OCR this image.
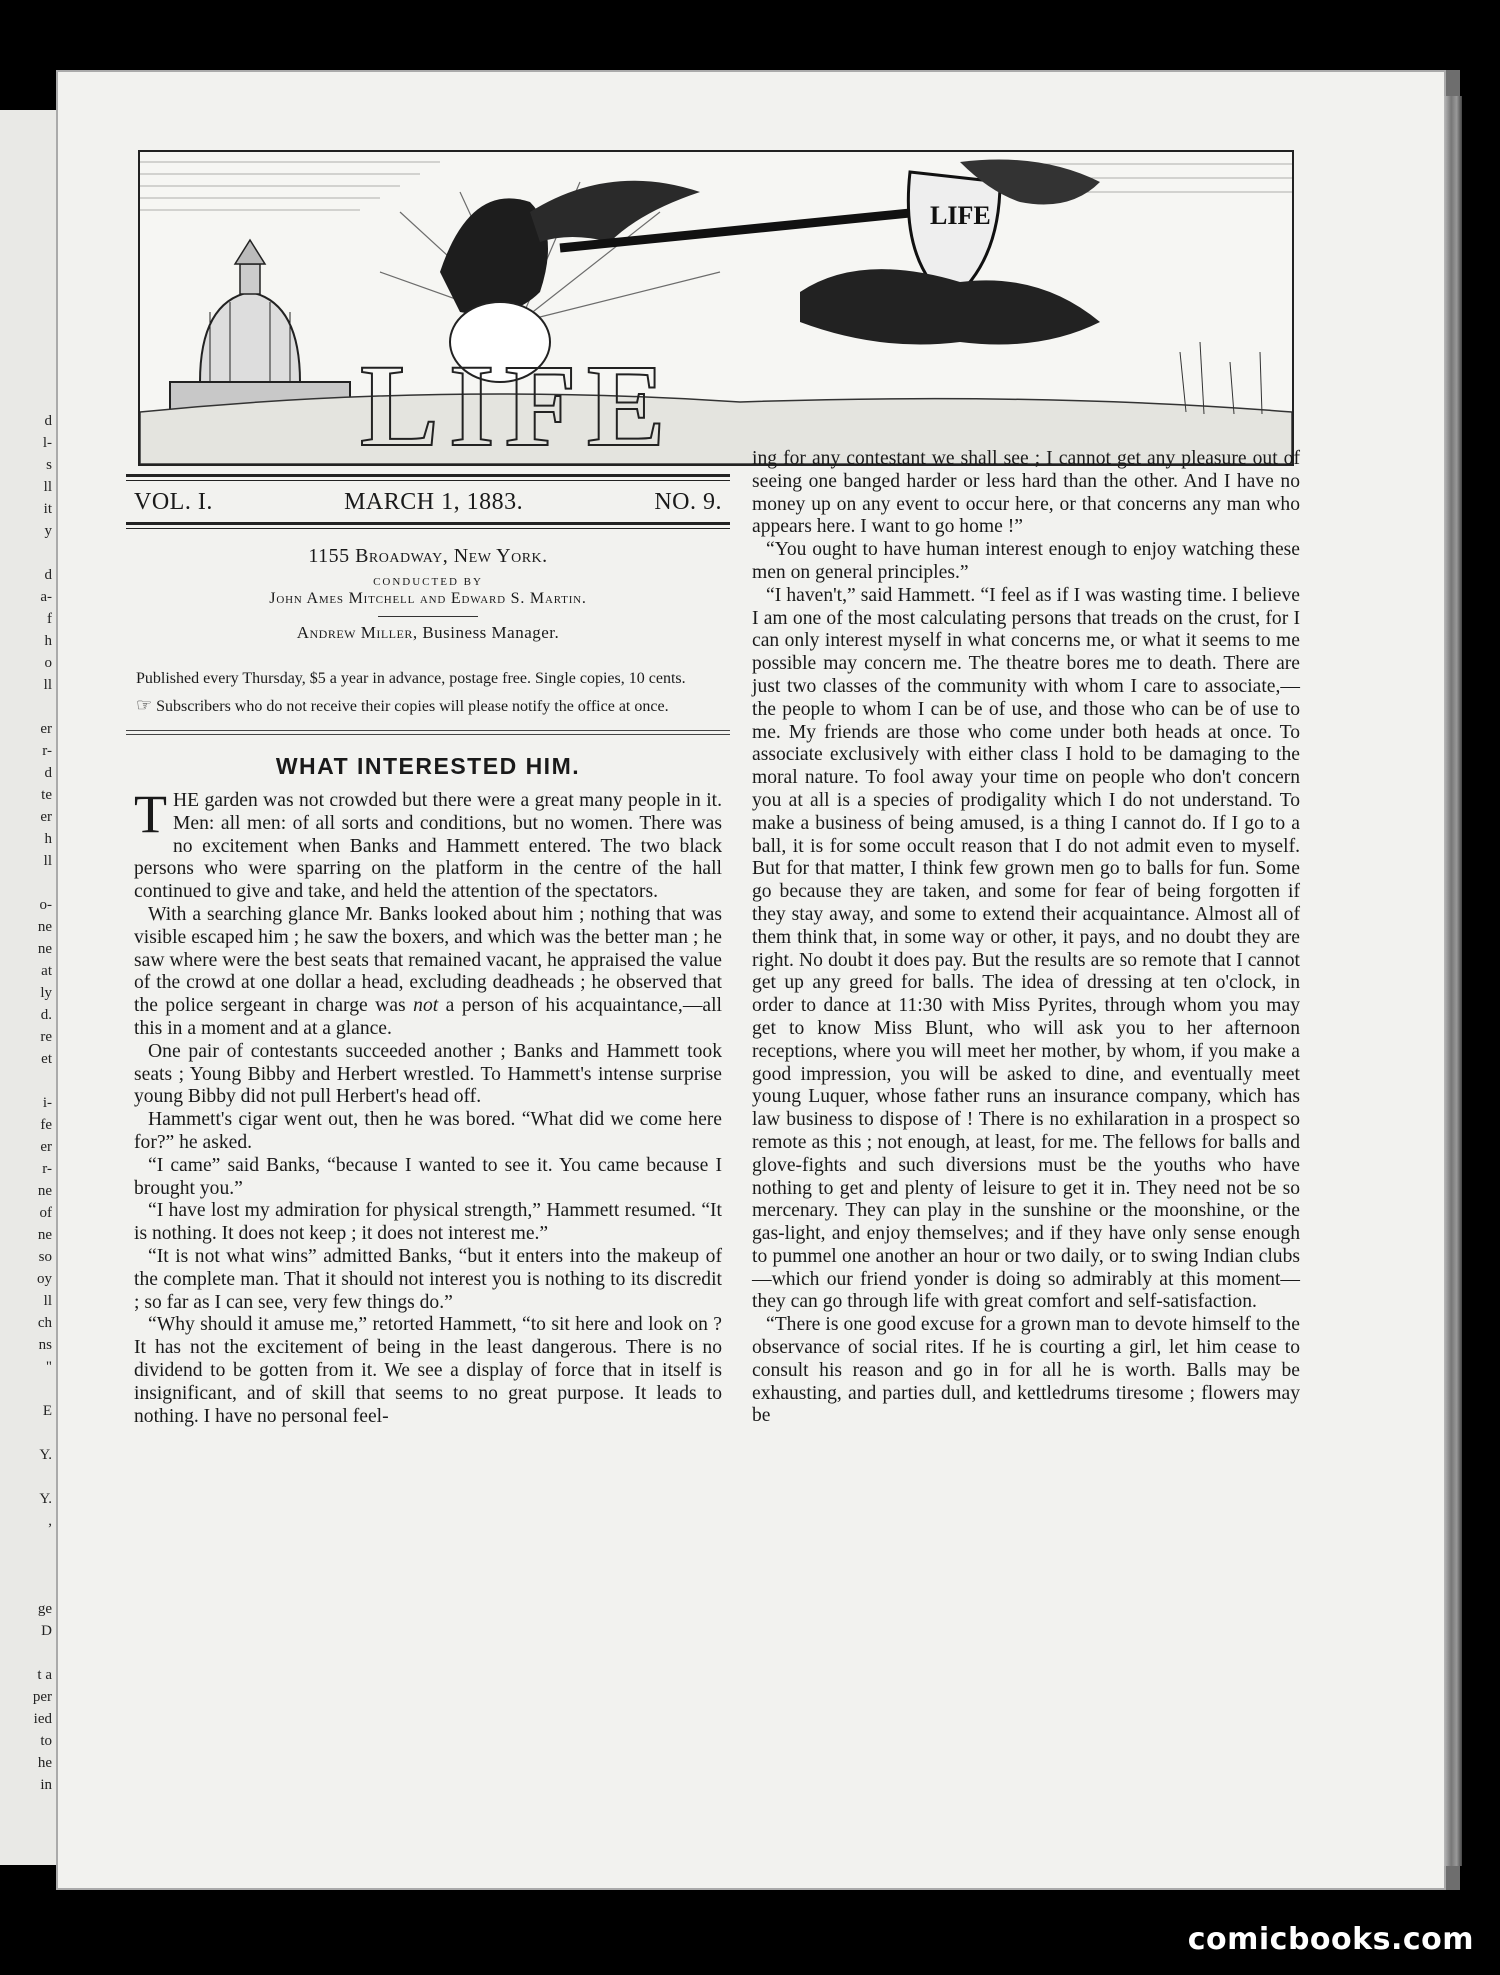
d
l-
s
ll
it
y
d
a-
f
h
o
ll
er
r-
d
te
er
h
ll
o-
ne
ne
at
ly
d.
re
et
i-
fe
er
r-
ne
of
ne
so
oy
ll
ch
ns
"
E
Y.
Y.
,
ge
D
t a
per
ied
to
he
in
LIFE
LIFE
VOL. I.	MARCH 1, 1883.	NO. 9.
1155 Broadway, New York.
CONDUCTED BY
John Ames Mitchell and Edward S. Martin.
Andrew Miller, Business Manager.

Published every Thursday, $5 a year in advance, postage free. Single copies, 10 cents.

☞ Subscribers who do not receive their copies will please notify the office at once.

WHAT INTERESTED HIM.

THE garden was not crowded but there were a great many people in it. Men: all men: of all sorts and conditions, but no women. There was no excitement when Banks and Hammett entered. The two black persons who were sparring on the platform in the centre of the hall continued to give and take, and held the attention of the spectators.

With a searching glance Mr. Banks looked about him ; nothing that was visible escaped him ; he saw the boxers, and which was the better man ; he saw where were the best seats that remained vacant, he appraised the value of the crowd at one dollar a head, excluding deadheads ; he observed that the police sergeant in charge was not a person of his acquaintance,—all this in a moment and at a glance.

One pair of contestants succeeded another ; Banks and Hammett took seats ; Young Bibby and Herbert wrestled. To Hammett's intense surprise young Bibby did not pull Herbert's head off.

Hammett's cigar went out, then he was bored. “What did we come here for?” he asked.

“I came” said Banks, “because I wanted to see it. You came because I brought you.”

“I have lost my admiration for physical strength,” Hammett resumed. “It is nothing. It does not keep ; it does not interest me.”

“It is not what wins” admitted Banks, “but it enters into the makeup of the complete man. That it should not interest you is nothing to its discredit ; so far as I can see, very few things do.”

“Why should it amuse me,” retorted Hammett, “to sit here and look on ? It has not the excitement of being in the least dangerous. There is no dividend to be gotten from it. We see a display of force that in itself is insignificant, and of skill that seems to no great purpose. It leads to nothing. I have no personal feel-

ing for any contestant we shall see ; I cannot get any pleasure out of seeing one banged harder or less hard than the other. And I have no money up on any event to occur here, or that concerns any man who appears here. I want to go home !”

“You ought to have human interest enough to enjoy watching these men on general principles.”

“I haven't,” said Hammett. “I feel as if I was wasting time. I believe I am one of the most calculating persons that treads on the crust, for I can only interest myself in what concerns me, or what it seems to me possible may concern me. The theatre bores me to death. There are just two classes of the community with whom I care to associate,—the people to whom I can be of use, and those who can be of use to me. My friends are those who come under both heads at once. To associate exclusively with either class I hold to be damaging to the moral nature. To fool away your time on people who don't concern you at all is a species of prodigality which I do not understand. To make a business of being amused, is a thing I cannot do. If I go to a ball, it is for some occult reason that I do not admit even to myself. But for that matter, I think few grown men go to balls for fun. Some go because they are taken, and some for fear of being forgotten if they stay away, and some to extend their acquaintance. Almost all of them think that, in some way or other, it pays, and no doubt they are right. No doubt it does pay. But the results are so remote that I cannot get up any greed for balls. The idea of dressing at ten o'clock, in order to dance at 11:30 with Miss Pyrites, through whom you may get to know Miss Blunt, who will ask you to her afternoon receptions, where you will meet her mother, by whom, if you make a good impression, you will be asked to dine, and eventually meet young Luquer, whose father runs an insurance company, which has law business to dispose of ! There is no exhilaration in a prospect so remote as this ; not enough, at least, for me. The fellows for balls and glove-fights and such diversions must be the youths who have nothing to get and plenty of leisure to get it in. They need not be so mercenary. They can play in the sunshine or the moonshine, or the gas-light, and enjoy themselves; and if they have only sense enough to pummel one another an hour or two daily, or to swing Indian clubs—which our friend yonder is doing so admirably at this moment—they can go through life with great comfort and self-satisfaction.

“There is one good excuse for a grown man to devote himself to the observance of social rites. If he is courting a girl, let him cease to consult his reason and go in for all he is worth. Balls may be exhausting, and parties dull, and kettledrums tiresome ; flowers may be

comicbooks.com
